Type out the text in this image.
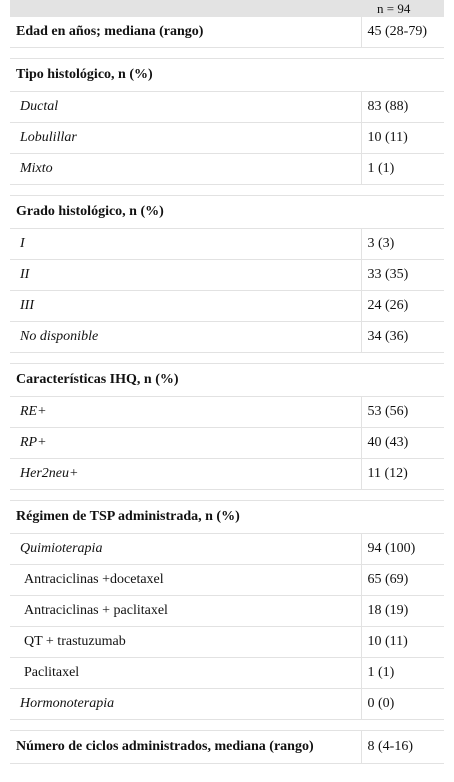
	n = 94
Edad en años; mediana (rango)	45 (28-79)

Tipo histológico, n (%)	
Ductal	83 (88)
Lobulillar	10 (11)
Mixto	1 (1)

Grado histológico, n (%)	
I	3 (3)
II	33 (35)
III	24 (26)
No disponible	34 (36)

Características IHQ, n (%)	
RE+	53 (56)
RP+	40 (43)
Her2neu+	11 (12)

Régimen de TSP administrada, n (%)	
Quimioterapia	94 (100)
Antraciclinas +docetaxel	65 (69)
Antraciclinas + paclitaxel	18 (19)
QT + trastuzumab	10 (11)
Paclitaxel	1 (1)
Hormonoterapia	0 (0)

Número de ciclos administrados, mediana (rango)	8 (4-16)
